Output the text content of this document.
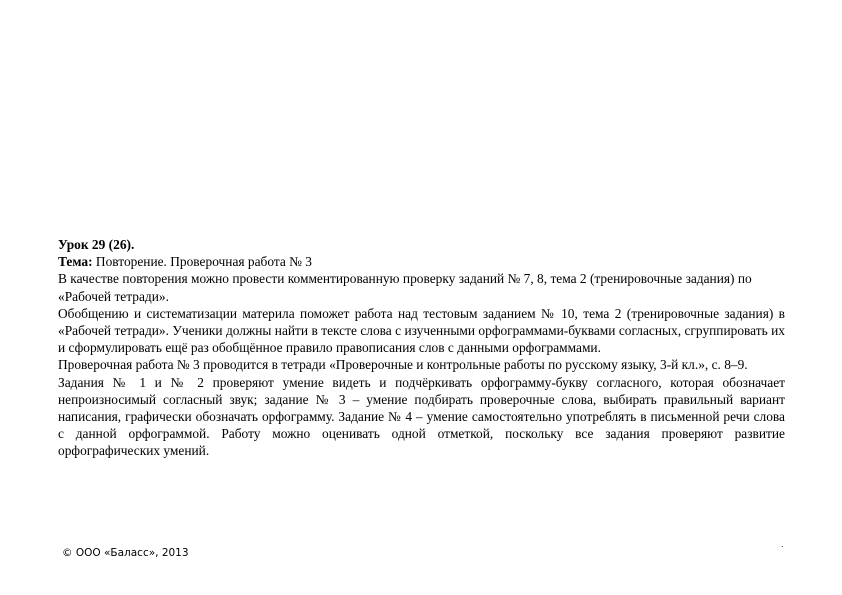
Урок 29 (26).

Тема: Повторение. Проверочная работа № 3

В качестве повторения можно провести комментированную проверку заданий № 7, 8, тема 2 (тренировочные задания) по «Рабочей тетради».

Обобщению и систематизации материла поможет работа над тестовым заданием № 10, тема 2 (тренировочные задания) в «Рабочей тетради». Ученики должны найти в тексте слова с изученными орфограммами-буквами согласных, сгруппировать их и сформулировать ещё раз обобщённое правило правописания слов с данными орфограммами.

Проверочная работа № 3 проводится в тетради «Проверочные и контрольные работы по русскому языку, 3-й кл.», с. 8–9.

Задания № 1 и № 2 проверяют умение видеть и подчёркивать орфограмму-букву согласного, которая обозначает непроизносимый согласный звук; задание № 3 – умение подбирать проверочные слова, выбирать правильный вариант написания, графически обозначать орфограмму. Задание № 4 – умение самостоятельно употреблять в письменной речи слова с данной орфограммой. Работу можно оценивать одной отметкой, поскольку все задания проверяют развитие орфографических умений.

© ООО «Баласс», 2013
.
